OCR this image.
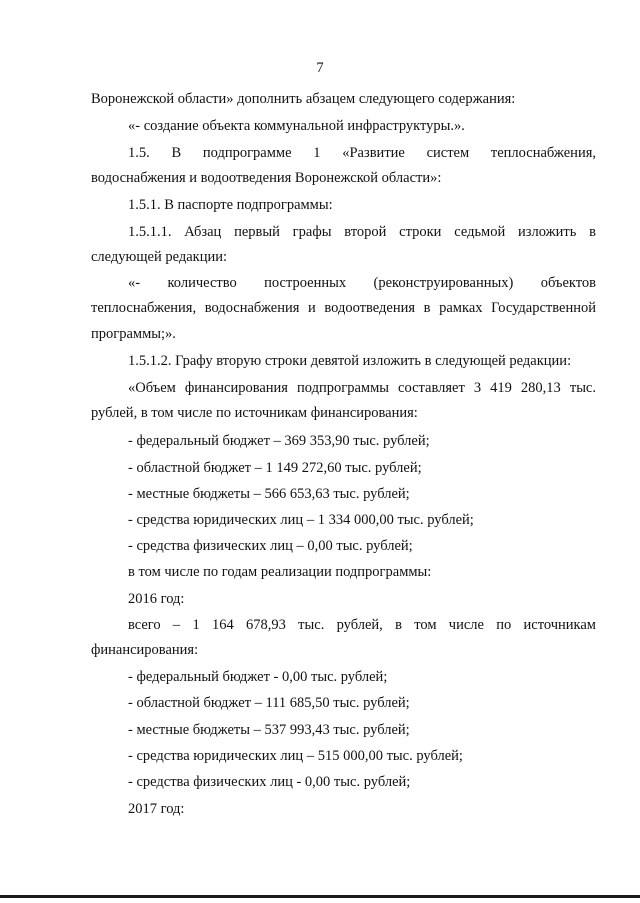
7
Воронежской области» дополнить абзацем следующего содержания:
«- создание объекта коммунальной инфраструктуры.».
1.5. В подпрограмме 1 «Развитие систем теплоснабжения,
водоснабжения и водоотведения Воронежской области»:
1.5.1. В паспорте подпрограммы:
1.5.1.1. Абзац первый графы второй строки седьмой изложить в
следующей редакции:
«- количество построенных (реконструированных) объектов
теплоснабжения, водоснабжения и водоотведения в рамках Государственной
программы;».
1.5.1.2. Графу вторую строки девятой изложить в следующей редакции:
«Объем финансирования подпрограммы составляет 3 419 280,13 тыс.
рублей, в том числе по источникам финансирования:
- федеральный бюджет – 369 353,90 тыс. рублей;
- областной бюджет – 1 149 272,60 тыс. рублей;
- местные бюджеты – 566 653,63 тыс. рублей;
- средства юридических лиц – 1 334 000,00 тыс. рублей;
- средства физических лиц – 0,00 тыс. рублей;
в том числе по годам реализации подпрограммы:
2016 год:
всего – 1 164 678,93 тыс. рублей, в том числе по источникам
финансирования:
- федеральный бюджет - 0,00 тыс. рублей;
- областной бюджет – 111 685,50 тыс. рублей;
- местные бюджеты – 537 993,43 тыс. рублей;
- средства юридических лиц – 515 000,00 тыс. рублей;
- средства физических лиц - 0,00 тыс. рублей;
2017 год:
